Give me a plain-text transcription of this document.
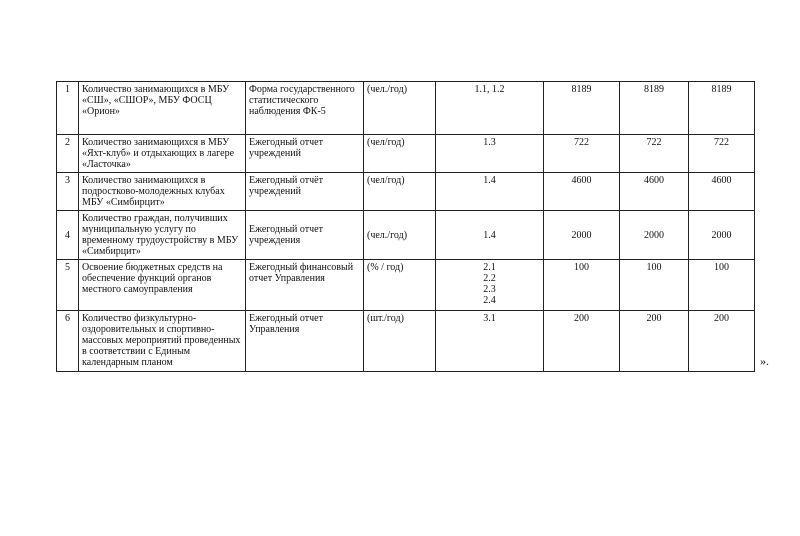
1	Количество занимающихся в МБУ «СШ», «СШОР», МБУ ФОСЦ «Орион»	Форма государственного статистического наблюдения ФК-5	(чел./год)	1.1, 1.2	8189	8189	8189
2	Количество занимающихся в МБУ «Яхт-клуб» и отдыхающих в лагере «Ласточка»	Ежегодный отчет учреждений	(чел/год)	1.3	722	722	722
3	Количество занимающихся в подростково-молодежных клубах МБУ «Симбирцит»	Ежегодный отчёт учреждений	(чел/год)	1.4	4600	4600	4600
4	Количество граждан, получивших муниципальную услугу по временному трудоустройству в МБУ «Симбирцит»	Ежегодный отчет учреждения	(чел./год)	1.4	2000	2000	2000
5	Освоение бюджетных средств на обеспечение функций органов местного самоуправления	Ежегодный финансовый отчет Управления	(% / год)	2.1
2.2
2.3
2.4	100	100	100
6	Количество физкультурно-оздоровительных и спортивно-массовых мероприятий проведенных в соответствии с Единым календарным планом	Ежегодный отчет Управления	(шт./год)	3.1	200	200	200
».
